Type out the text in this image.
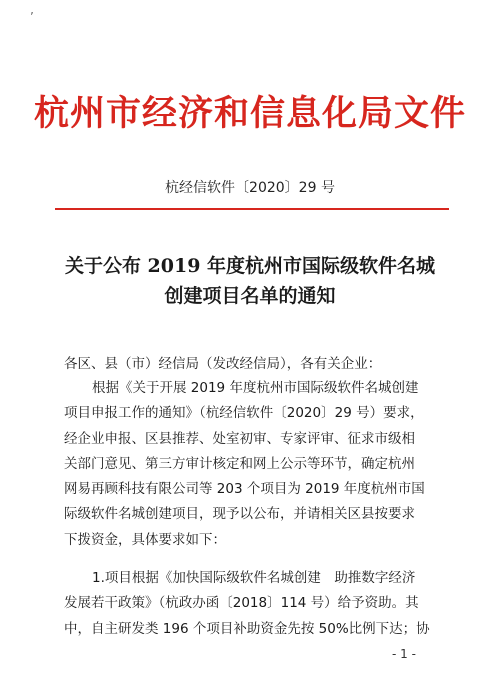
’
杭州市经济和信息化局文件
杭经信软件〔2020〕29 号
关于公布 2019 年度杭州市国际级软件名城
创建项目名单的通知
各区、县（市）经信局（发改经信局），各有关企业：
根据《关于开展 2019 年度杭州市国际级软件名城创建
项目申报工作的通知》（杭经信软件〔2020〕29 号）要求，
经企业申报、区县推荐、处室初审、专家评审、征求市级相
关部门意见、第三方审计核定和网上公示等环节，确定杭州
网易再顾科技有限公司等 203 个项目为 2019 年度杭州市国
际级软件名城创建项目，现予以公布，并请相关区县按要求
下拨资金，具体要求如下：
1.项目根据《加快国际级软件名城创建　助推数字经济
发展若干政策》（杭政办函〔2018〕114 号）给予资助。其
中，自主研发类 196 个项目补助资金先按 50%比例下达；协
- 1 -
